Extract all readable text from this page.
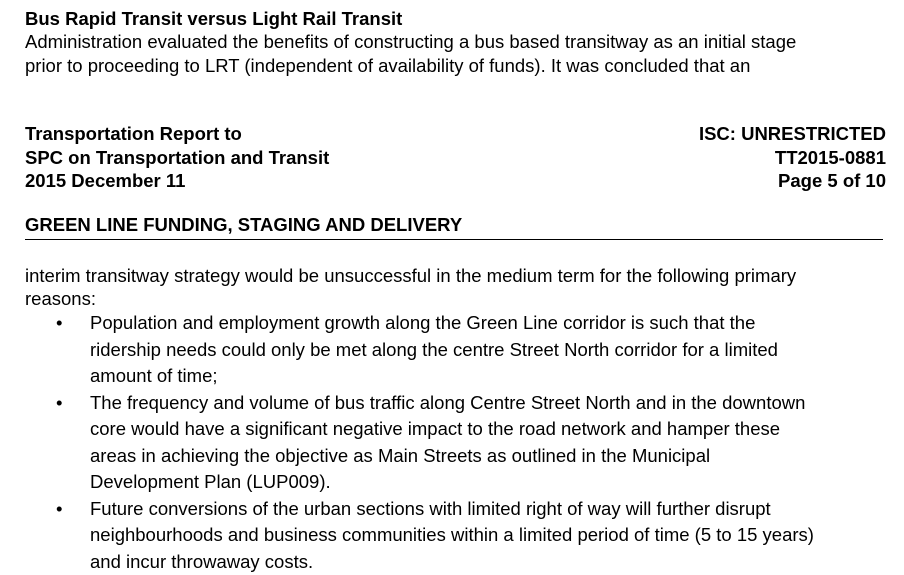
Bus Rapid Transit versus Light Rail Transit
Administration evaluated the benefits of constructing a bus based transitway as an initial stage
prior to proceeding to LRT (independent of availability of funds). It was concluded that an
Transportation Report to
SPC on Transportation and Transit
2015 December 11
ISC: UNRESTRICTED
TT2015-0881
Page 5 of 10
GREEN LINE FUNDING, STAGING AND DELIVERY

interim transitway strategy would be unsuccessful in the medium term for the following primary
reasons:

• Population and employment growth along the Green Line corridor is such that the
ridership needs could only be met along the centre Street North corridor for a limited
amount of time;
• The frequency and volume of bus traffic along Centre Street North and in the downtown
core would have a significant negative impact to the road network and hamper these
areas in achieving the objective as Main Streets as outlined in the Municipal
Development Plan (LUP009).
• Future conversions of the urban sections with limited right of way will further disrupt
neighbourhoods and business communities within a limited period of time (5 to 15 years)
and incur throwaway costs.
